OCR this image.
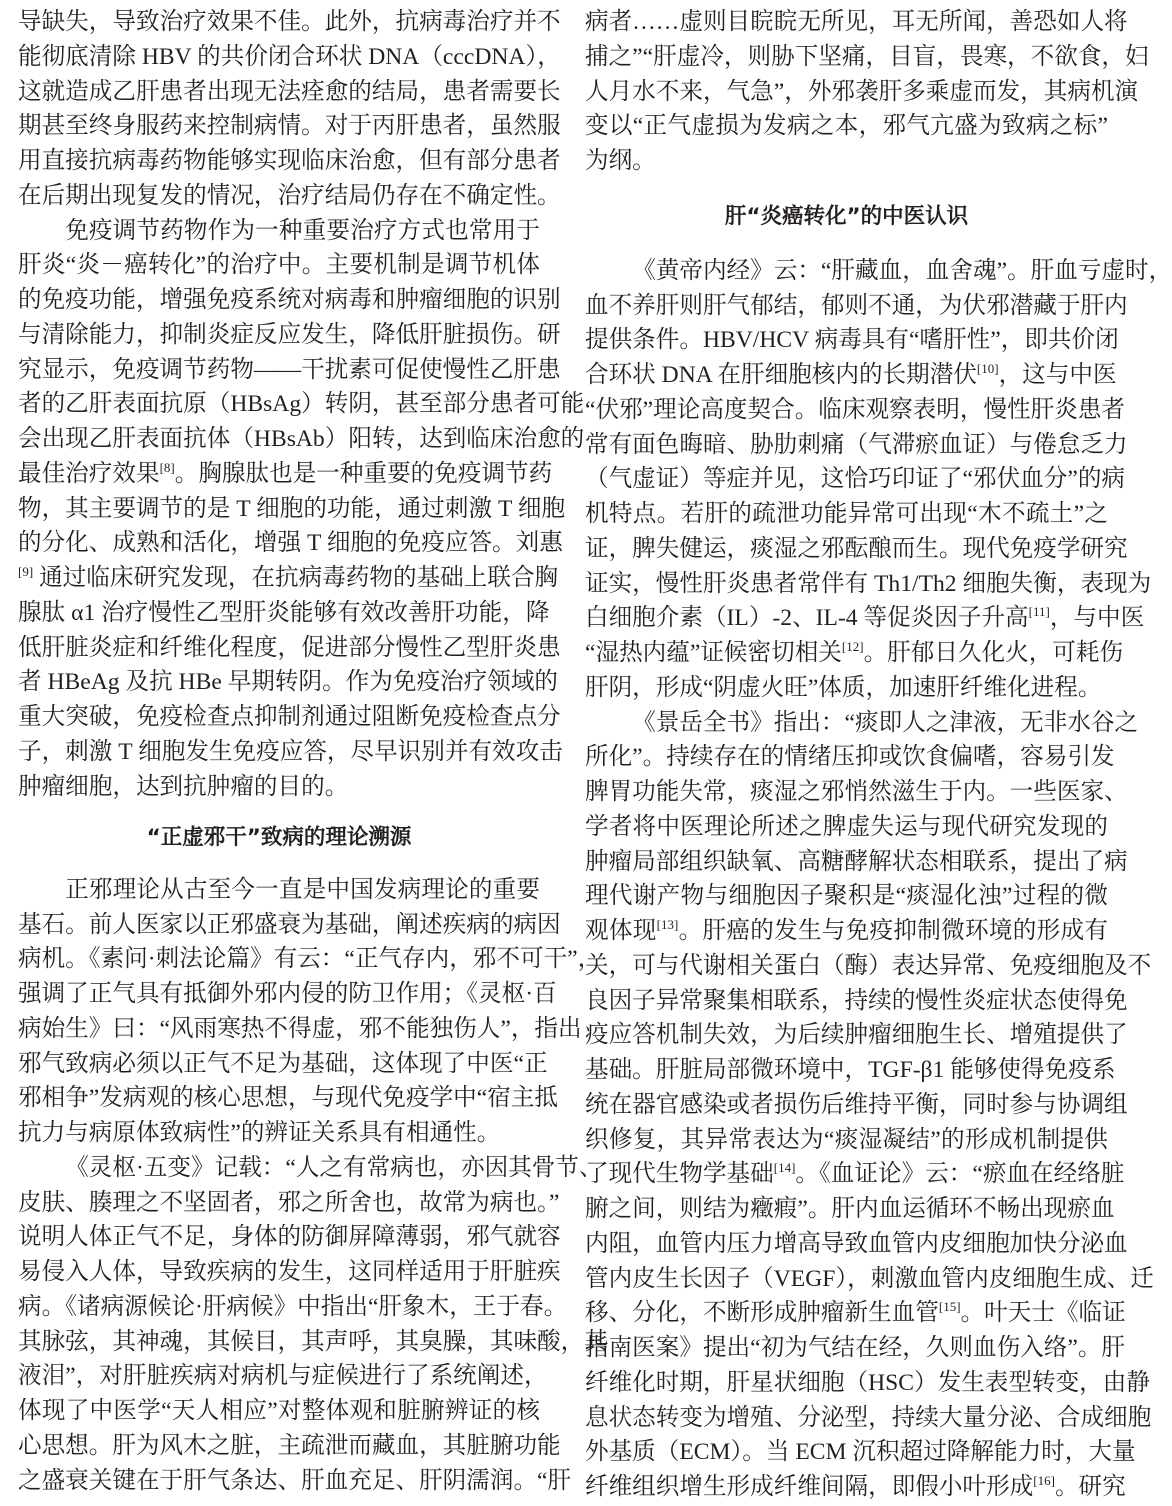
导缺失，导致治疗效果不佳。此外，抗病毒治疗并不
能彻底清除 HBV 的共价闭合环状 DNA（cccDNA），
这就造成乙肝患者出现无法痊愈的结局，患者需要长
期甚至终身服药来控制病情。对于丙肝患者，虽然服
用直接抗病毒药物能够实现临床治愈，但有部分患者
在后期出现复发的情况，治疗结局仍存在不确定性。
免疫调节药物作为一种重要治疗方式也常用于
肝炎“炎－癌转化”的治疗中。主要机制是调节机体
的免疫功能，增强免疫系统对病毒和肿瘤细胞的识别
与清除能力，抑制炎症反应发生，降低肝脏损伤。研
究显示，免疫调节药物——干扰素可促使慢性乙肝患
者的乙肝表面抗原（HBsAg）转阴，甚至部分患者可能
会出现乙肝表面抗体（HBsAb）阳转，达到临床治愈的
最佳治疗效果[8]。胸腺肽也是一种重要的免疫调节药
物，其主要调节的是 T 细胞的功能，通过刺激 T 细胞
的分化、成熟和活化，增强 T 细胞的免疫应答。刘惠
[9] 通过临床研究发现，在抗病毒药物的基础上联合胸
腺肽 α1 治疗慢性乙型肝炎能够有效改善肝功能，降
低肝脏炎症和纤维化程度，促进部分慢性乙型肝炎患
者 HBeAg 及抗 HBe 早期转阴。作为免疫治疗领域的
重大突破，免疫检查点抑制剂通过阻断免疫检查点分
子，刺激 T 细胞发生免疫应答，尽早识别并有效攻击
肿瘤细胞，达到抗肿瘤的目的。
“正虚邪干”致病的理论溯源
正邪理论从古至今一直是中国发病理论的重要
基石。前人医家以正邪盛衰为基础，阐述疾病的病因
病机。《素问·刺法论篇》有云：“正气存内，邪不可干”，
强调了正气具有抵御外邪内侵的防卫作用；《灵枢·百
病始生》曰：“风雨寒热不得虚，邪不能独伤人”，指出
邪气致病必须以正气不足为基础，这体现了中医“正
邪相争”发病观的核心思想，与现代免疫学中“宿主抵
抗力与病原体致病性”的辨证关系具有相通性。
《灵枢·五变》记载：“人之有常病也，亦因其骨节、
皮肤、腠理之不坚固者，邪之所舍也，故常为病也。”
说明人体正气不足，身体的防御屏障薄弱，邪气就容
易侵入人体，导致疾病的发生，这同样适用于肝脏疾
病。《诸病源候论·肝病候》中指出“肝象木，王于春。
其脉弦，其神魂，其候目，其声呼，其臭臊，其味酸，其
液泪”，对肝脏疾病对病机与症候进行了系统阐述，
体现了中医学“天人相应”对整体观和脏腑辨证的核
心思想。肝为风木之脏，主疏泄而藏血，其脏腑功能
之盛衰关键在于肝气条达、肝血充足、肝阴濡润。“肝
病者……虚则目睆睆无所见，耳无所闻，善恐如人将
捕之”“肝虚冷，则胁下坚痛，目盲，畏寒，不欲食，妇
人月水不来，气急”，外邪袭肝多乘虚而发，其病机演
变以“正气虚损为发病之本，邪气亢盛为致病之标”
为纲。
肝“炎癌转化”的中医认识
《黄帝内经》云：“肝藏血，血舍魂”。肝血亏虚时，
血不养肝则肝气郁结，郁则不通，为伏邪潜藏于肝内
提供条件。HBV/HCV 病毒具有“嗜肝性”，即共价闭
合环状 DNA 在肝细胞核内的长期潜伏[10]，这与中医
“伏邪”理论高度契合。临床观察表明，慢性肝炎患者
常有面色晦暗、胁肋刺痛（气滞瘀血证）与倦怠乏力
（气虚证）等症并见，这恰巧印证了“邪伏血分”的病
机特点。若肝的疏泄功能异常可出现“木不疏土”之
证，脾失健运，痰湿之邪酝酿而生。现代免疫学研究
证实，慢性肝炎患者常伴有 Th1/Th2 细胞失衡，表现为
白细胞介素（IL）-2、IL-4 等促炎因子升高[11]，与中医
“湿热内蕴”证候密切相关[12]。肝郁日久化火，可耗伤
肝阴，形成“阴虚火旺”体质，加速肝纤维化进程。
《景岳全书》指出：“痰即人之津液，无非水谷之
所化”。持续存在的情绪压抑或饮食偏嗜，容易引发
脾胃功能失常，痰湿之邪悄然滋生于内。一些医家、
学者将中医理论所述之脾虚失运与现代研究发现的
肿瘤局部组织缺氧、高糖酵解状态相联系，提出了病
理代谢产物与细胞因子聚积是“痰湿化浊”过程的微
观体现[13]。肝癌的发生与免疫抑制微环境的形成有
关，可与代谢相关蛋白（酶）表达异常、免疫细胞及不
良因子异常聚集相联系，持续的慢性炎症状态使得免
疫应答机制失效，为后续肿瘤细胞生长、增殖提供了
基础。肝脏局部微环境中，TGF-β1 能够使得免疫系
统在器官感染或者损伤后维持平衡，同时参与协调组
织修复，其异常表达为“痰湿凝结”的形成机制提供
了现代生物学基础[14]。《血证论》云：“瘀血在经络脏
腑之间，则结为癥瘕”。肝内血运循环不畅出现瘀血
内阻，血管内压力增高导致血管内皮细胞加快分泌血
管内皮生长因子（VEGF），刺激血管内皮细胞生成、迁
移、分化，不断形成肿瘤新生血管[15]。叶天士《临证
指南医案》提出“初为气结在经，久则血伤入络”。肝
纤维化时期，肝星状细胞（HSC）发生表型转变，由静
息状态转变为增殖、分泌型，持续大量分泌、合成细胞
外基质（ECM）。当 ECM 沉积超过降解能力时，大量
纤维组织增生形成纤维间隔，即假小叶形成[16]。研究
